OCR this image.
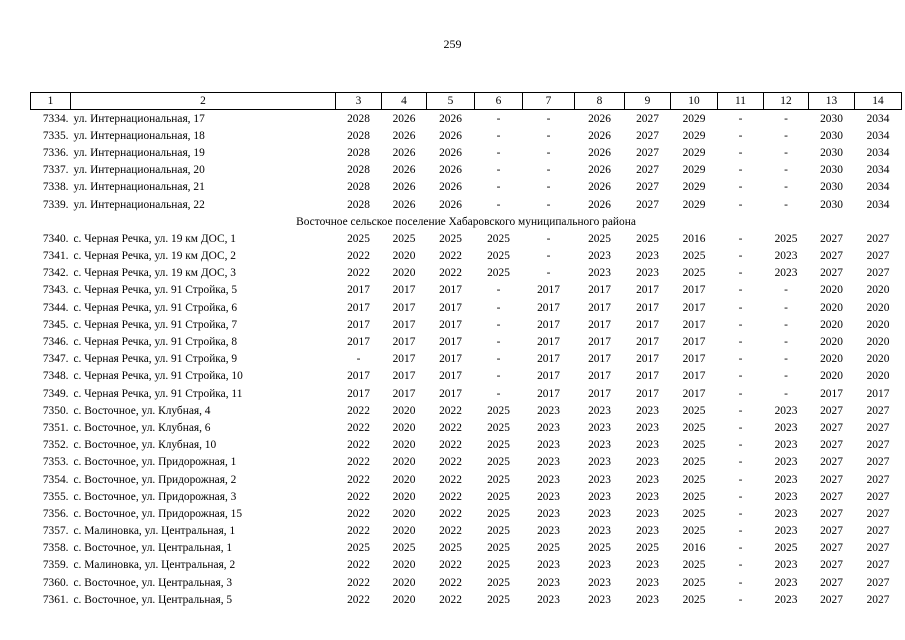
259
1	2	3	4	5	6	7	8	9	10	11	12	13	14
7334.	ул. Интернациональная, 17	2028	2026	2026	-	-	2026	2027	2029	-	-	2030	2034
7335.	ул. Интернациональная, 18	2028	2026	2026	-	-	2026	2027	2029	-	-	2030	2034
7336.	ул. Интернациональная, 19	2028	2026	2026	-	-	2026	2027	2029	-	-	2030	2034
7337.	ул. Интернациональная, 20	2028	2026	2026	-	-	2026	2027	2029	-	-	2030	2034
7338.	ул. Интернациональная, 21	2028	2026	2026	-	-	2026	2027	2029	-	-	2030	2034
7339.	ул. Интернациональная, 22	2028	2026	2026	-	-	2026	2027	2029	-	-	2030	2034
Восточное сельское поселение Хабаровского муниципального района													
7340.	с. Черная Речка, ул. 19 км ДОС, 1	2025	2025	2025	2025	-	2025	2025	2016	-	2025	2027	2027
7341.	с. Черная Речка, ул. 19 км ДОС, 2	2022	2020	2022	2025	-	2023	2023	2025	-	2023	2027	2027
7342.	с. Черная Речка, ул. 19 км ДОС, 3	2022	2020	2022	2025	-	2023	2023	2025	-	2023	2027	2027
7343.	с. Черная Речка, ул. 91 Стройка, 5	2017	2017	2017	-	2017	2017	2017	2017	-	-	2020	2020
7344.	с. Черная Речка, ул. 91 Стройка, 6	2017	2017	2017	-	2017	2017	2017	2017	-	-	2020	2020
7345.	с. Черная Речка, ул. 91 Стройка, 7	2017	2017	2017	-	2017	2017	2017	2017	-	-	2020	2020
7346.	с. Черная Речка, ул. 91 Стройка, 8	2017	2017	2017	-	2017	2017	2017	2017	-	-	2020	2020
7347.	с. Черная Речка, ул. 91 Стройка, 9	-	2017	2017	-	2017	2017	2017	2017	-	-	2020	2020
7348.	с. Черная Речка, ул. 91 Стройка, 10	2017	2017	2017	-	2017	2017	2017	2017	-	-	2020	2020
7349.	с. Черная Речка, ул. 91 Стройка, 11	2017	2017	2017	-	2017	2017	2017	2017	-	-	2017	2017
7350.	с. Восточное, ул. Клубная, 4	2022	2020	2022	2025	2023	2023	2023	2025	-	2023	2027	2027
7351.	с. Восточное, ул. Клубная, 6	2022	2020	2022	2025	2023	2023	2023	2025	-	2023	2027	2027
7352.	с. Восточное, ул. Клубная, 10	2022	2020	2022	2025	2023	2023	2023	2025	-	2023	2027	2027
7353.	с. Восточное, ул. Придорожная, 1	2022	2020	2022	2025	2023	2023	2023	2025	-	2023	2027	2027
7354.	с. Восточное, ул. Придорожная, 2	2022	2020	2022	2025	2023	2023	2023	2025	-	2023	2027	2027
7355.	с. Восточное, ул. Придорожная, 3	2022	2020	2022	2025	2023	2023	2023	2025	-	2023	2027	2027
7356.	с. Восточное, ул. Придорожная, 15	2022	2020	2022	2025	2023	2023	2023	2025	-	2023	2027	2027
7357.	с. Малиновка, ул. Центральная, 1	2022	2020	2022	2025	2023	2023	2023	2025	-	2023	2027	2027
7358.	с. Восточное, ул. Центральная, 1	2025	2025	2025	2025	2025	2025	2025	2016	-	2025	2027	2027
7359.	с. Малиновка, ул. Центральная, 2	2022	2020	2022	2025	2023	2023	2023	2025	-	2023	2027	2027
7360.	с. Восточное, ул. Центральная, 3	2022	2020	2022	2025	2023	2023	2023	2025	-	2023	2027	2027
7361.	с. Восточное, ул. Центральная, 5	2022	2020	2022	2025	2023	2023	2023	2025	-	2023	2027	2027
